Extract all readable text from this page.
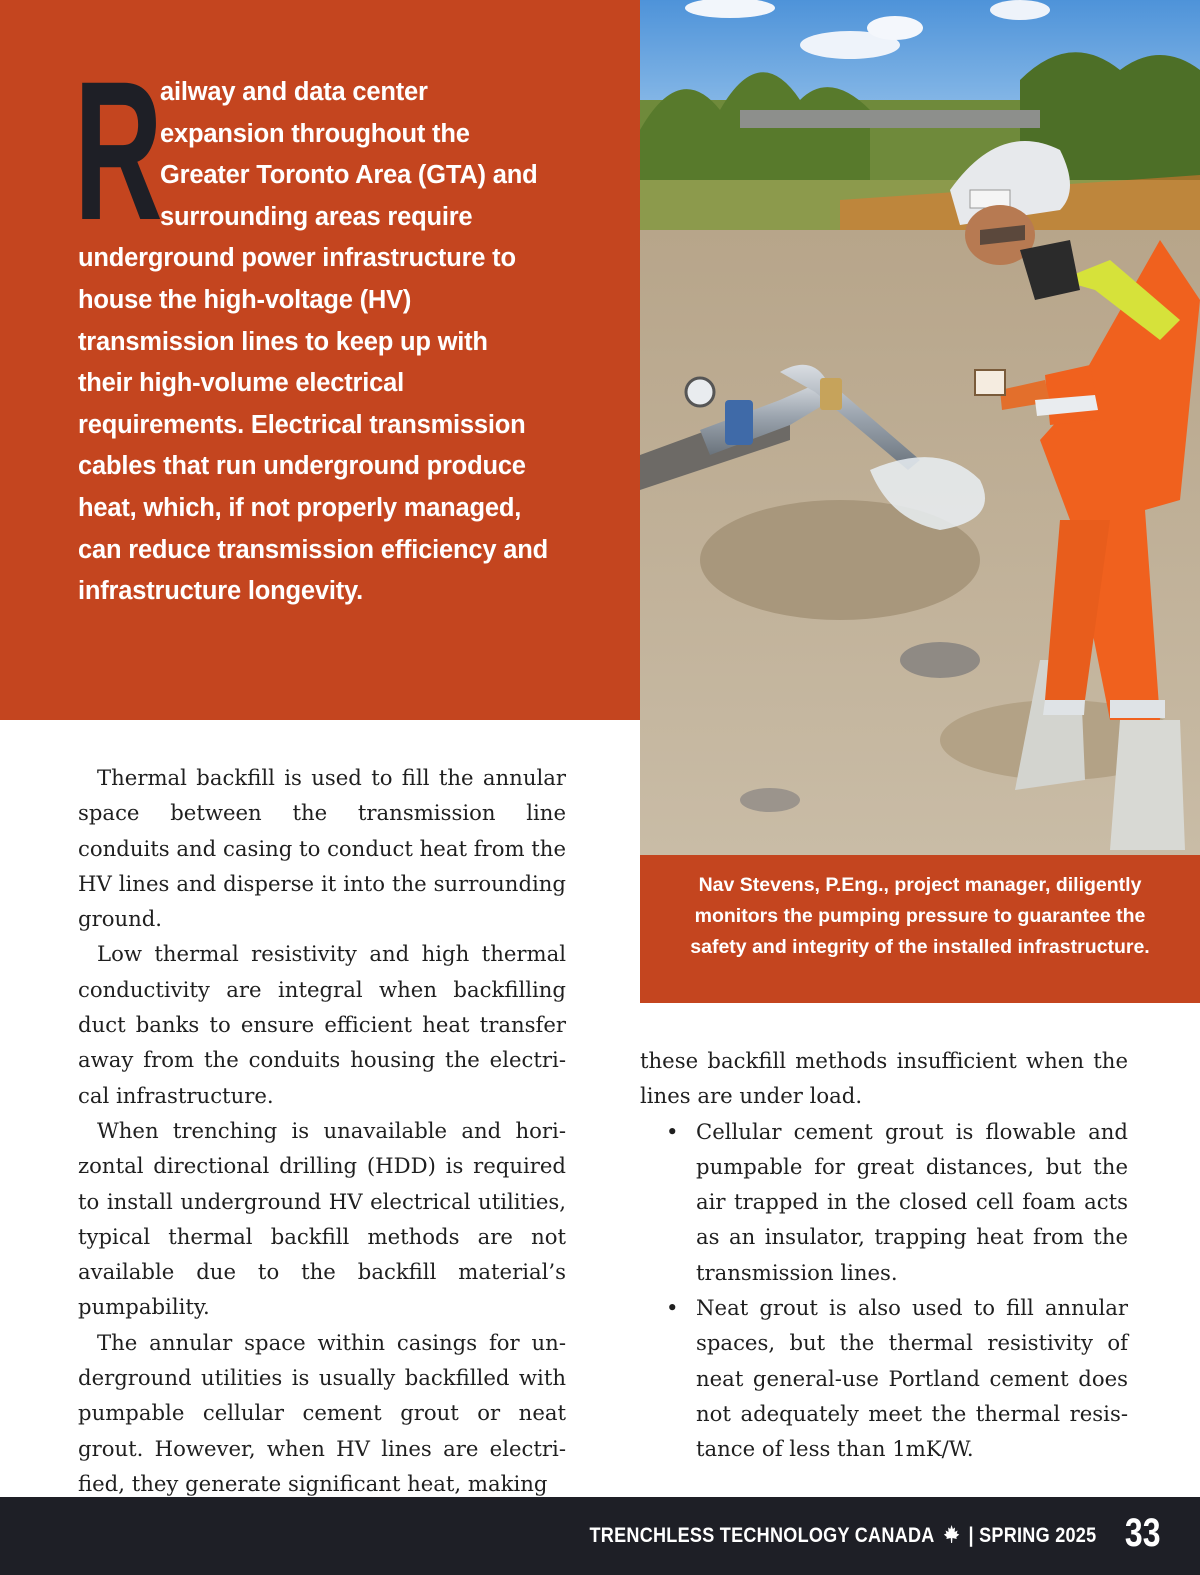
R
ailway and data center expansion throughout the Greater Toronto Area (GTA) and surrounding areas require underground power infrastructure to house the high-voltage (HV) transmission lines to keep up with their high-volume electrical requirements. Electrical transmission cables that run underground produce heat, which, if not properly managed, can reduce transmission efficiency and infrastructure longevity.
Nav Stevens, P.Eng., project manager, diligently monitors the pumping pressure to guarantee the safety and integrity of the installed infrastructure.

Thermal backfill is used to fill the annular space between the transmission line conduits and casing to conduct heat from the HV lines and disperse it into the surrounding ground.

Low thermal resistivity and high thermal conductivity are integral when backfilling duct banks to ensure efficient heat transfer away from the conduits housing the electrical infrastructure.

When trenching is unavailable and horizontal directional drilling (HDD) is required to install underground HV electrical utilities, typical thermal backfill methods are not available due to the backfill material’s pumpability.

The annular space within casings for underground utilities is usually backfilled with pumpable cellular cement grout or neat grout. However, when HV lines are electrified, they generate significant heat, making

these backfill methods insufficient when the lines are under load.

• Cellular cement grout is flowable and pumpable for great distances, but the air trapped in the closed cell foam acts as an insulator, trapping heat from the transmission lines.
• Neat grout is also used to fill annular spaces, but the thermal resistivity of neat general-use Portland cement does not adequately meet the thermal resistance of less than 1mK/W.
TRENCHLESS TECHNOLOGY CANADA | SPRING 2025 33
